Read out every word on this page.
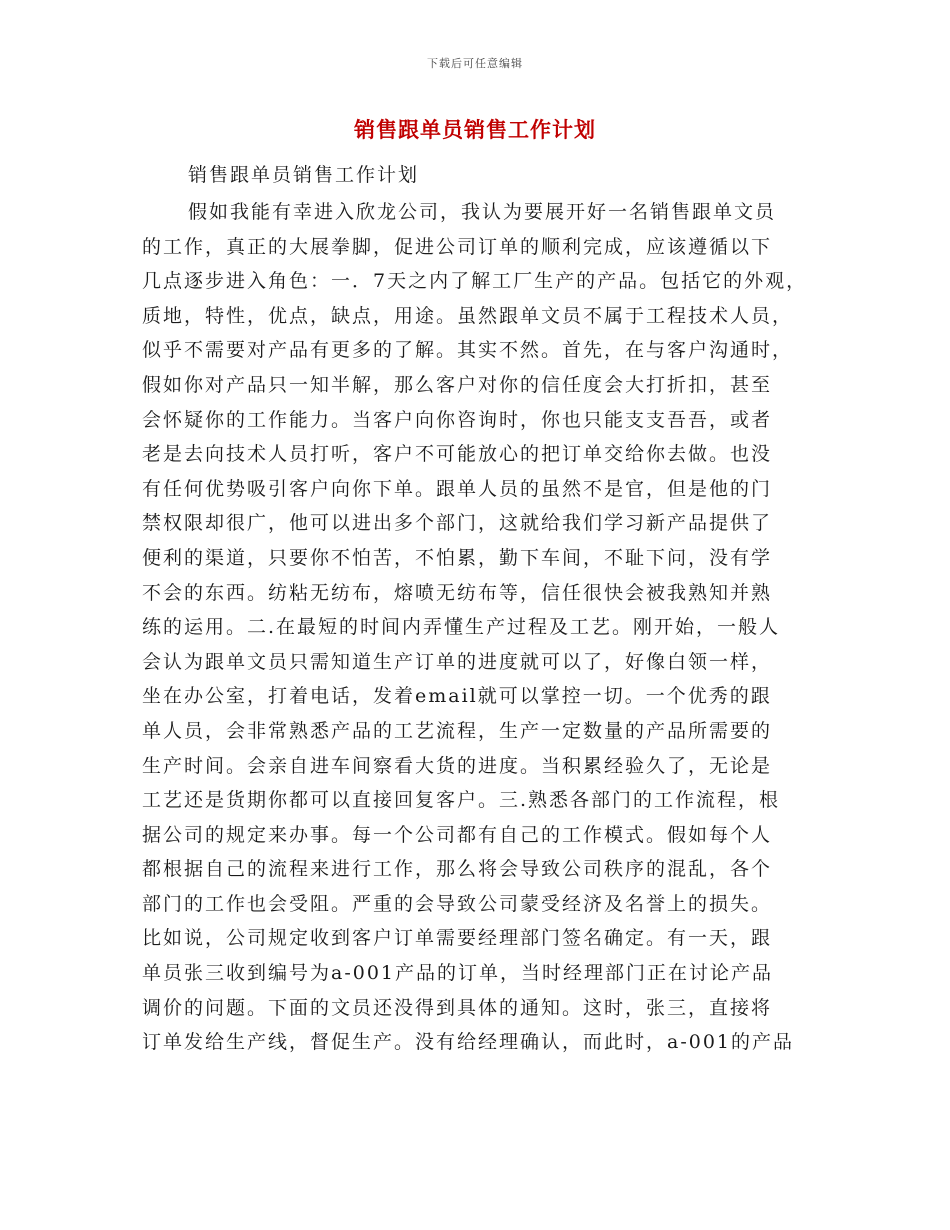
下载后可任意编辑
销售跟单员销售工作计划
销售跟单员销售工作计划
假如我能有幸进入欣龙公司，我认为要展开好一名销售跟单文员
的工作，真正的大展拳脚，促进公司订单的顺利完成，应该遵循以下
几点逐步进入角色：一．7天之内了解工厂生产的产品。包括它的外观，
质地，特性，优点，缺点，用途。虽然跟单文员不属于工程技术人员，
似乎不需要对产品有更多的了解。其实不然。首先，在与客户沟通时，
假如你对产品只一知半解，那么客户对你的信任度会大打折扣，甚至
会怀疑你的工作能力。当客户向你咨询时，你也只能支支吾吾，或者
老是去向技术人员打听，客户不可能放心的把订单交给你去做。也没
有任何优势吸引客户向你下单。跟单人员的虽然不是官，但是他的门
禁权限却很广，他可以进出多个部门，这就给我们学习新产品提供了
便利的渠道，只要你不怕苦，不怕累，勤下车间，不耻下问，没有学
不会的东西。纺粘无纺布，熔喷无纺布等，信任很快会被我熟知并熟
练的运用。二.在最短的时间内弄懂生产过程及工艺。刚开始，一般人
会认为跟单文员只需知道生产订单的进度就可以了，好像白领一样，
坐在办公室，打着电话，发着email就可以掌控一切。一个优秀的跟
单人员，会非常熟悉产品的工艺流程，生产一定数量的产品所需要的
生产时间。会亲自进车间察看大货的进度。当积累经验久了，无论是
工艺还是货期你都可以直接回复客户。三.熟悉各部门的工作流程，根
据公司的规定来办事。每一个公司都有自己的工作模式。假如每个人
都根据自己的流程来进行工作，那么将会导致公司秩序的混乱，各个
部门的工作也会受阻。严重的会导致公司蒙受经济及名誉上的损失。
比如说，公司规定收到客户订单需要经理部门签名确定。有一天，跟
单员张三收到编号为a-001产品的订单，当时经理部门正在讨论产品
调价的问题。下面的文员还没得到具体的通知。这时，张三，直接将
订单发给生产线，督促生产。没有给经理确认，而此时，a-001的产品
